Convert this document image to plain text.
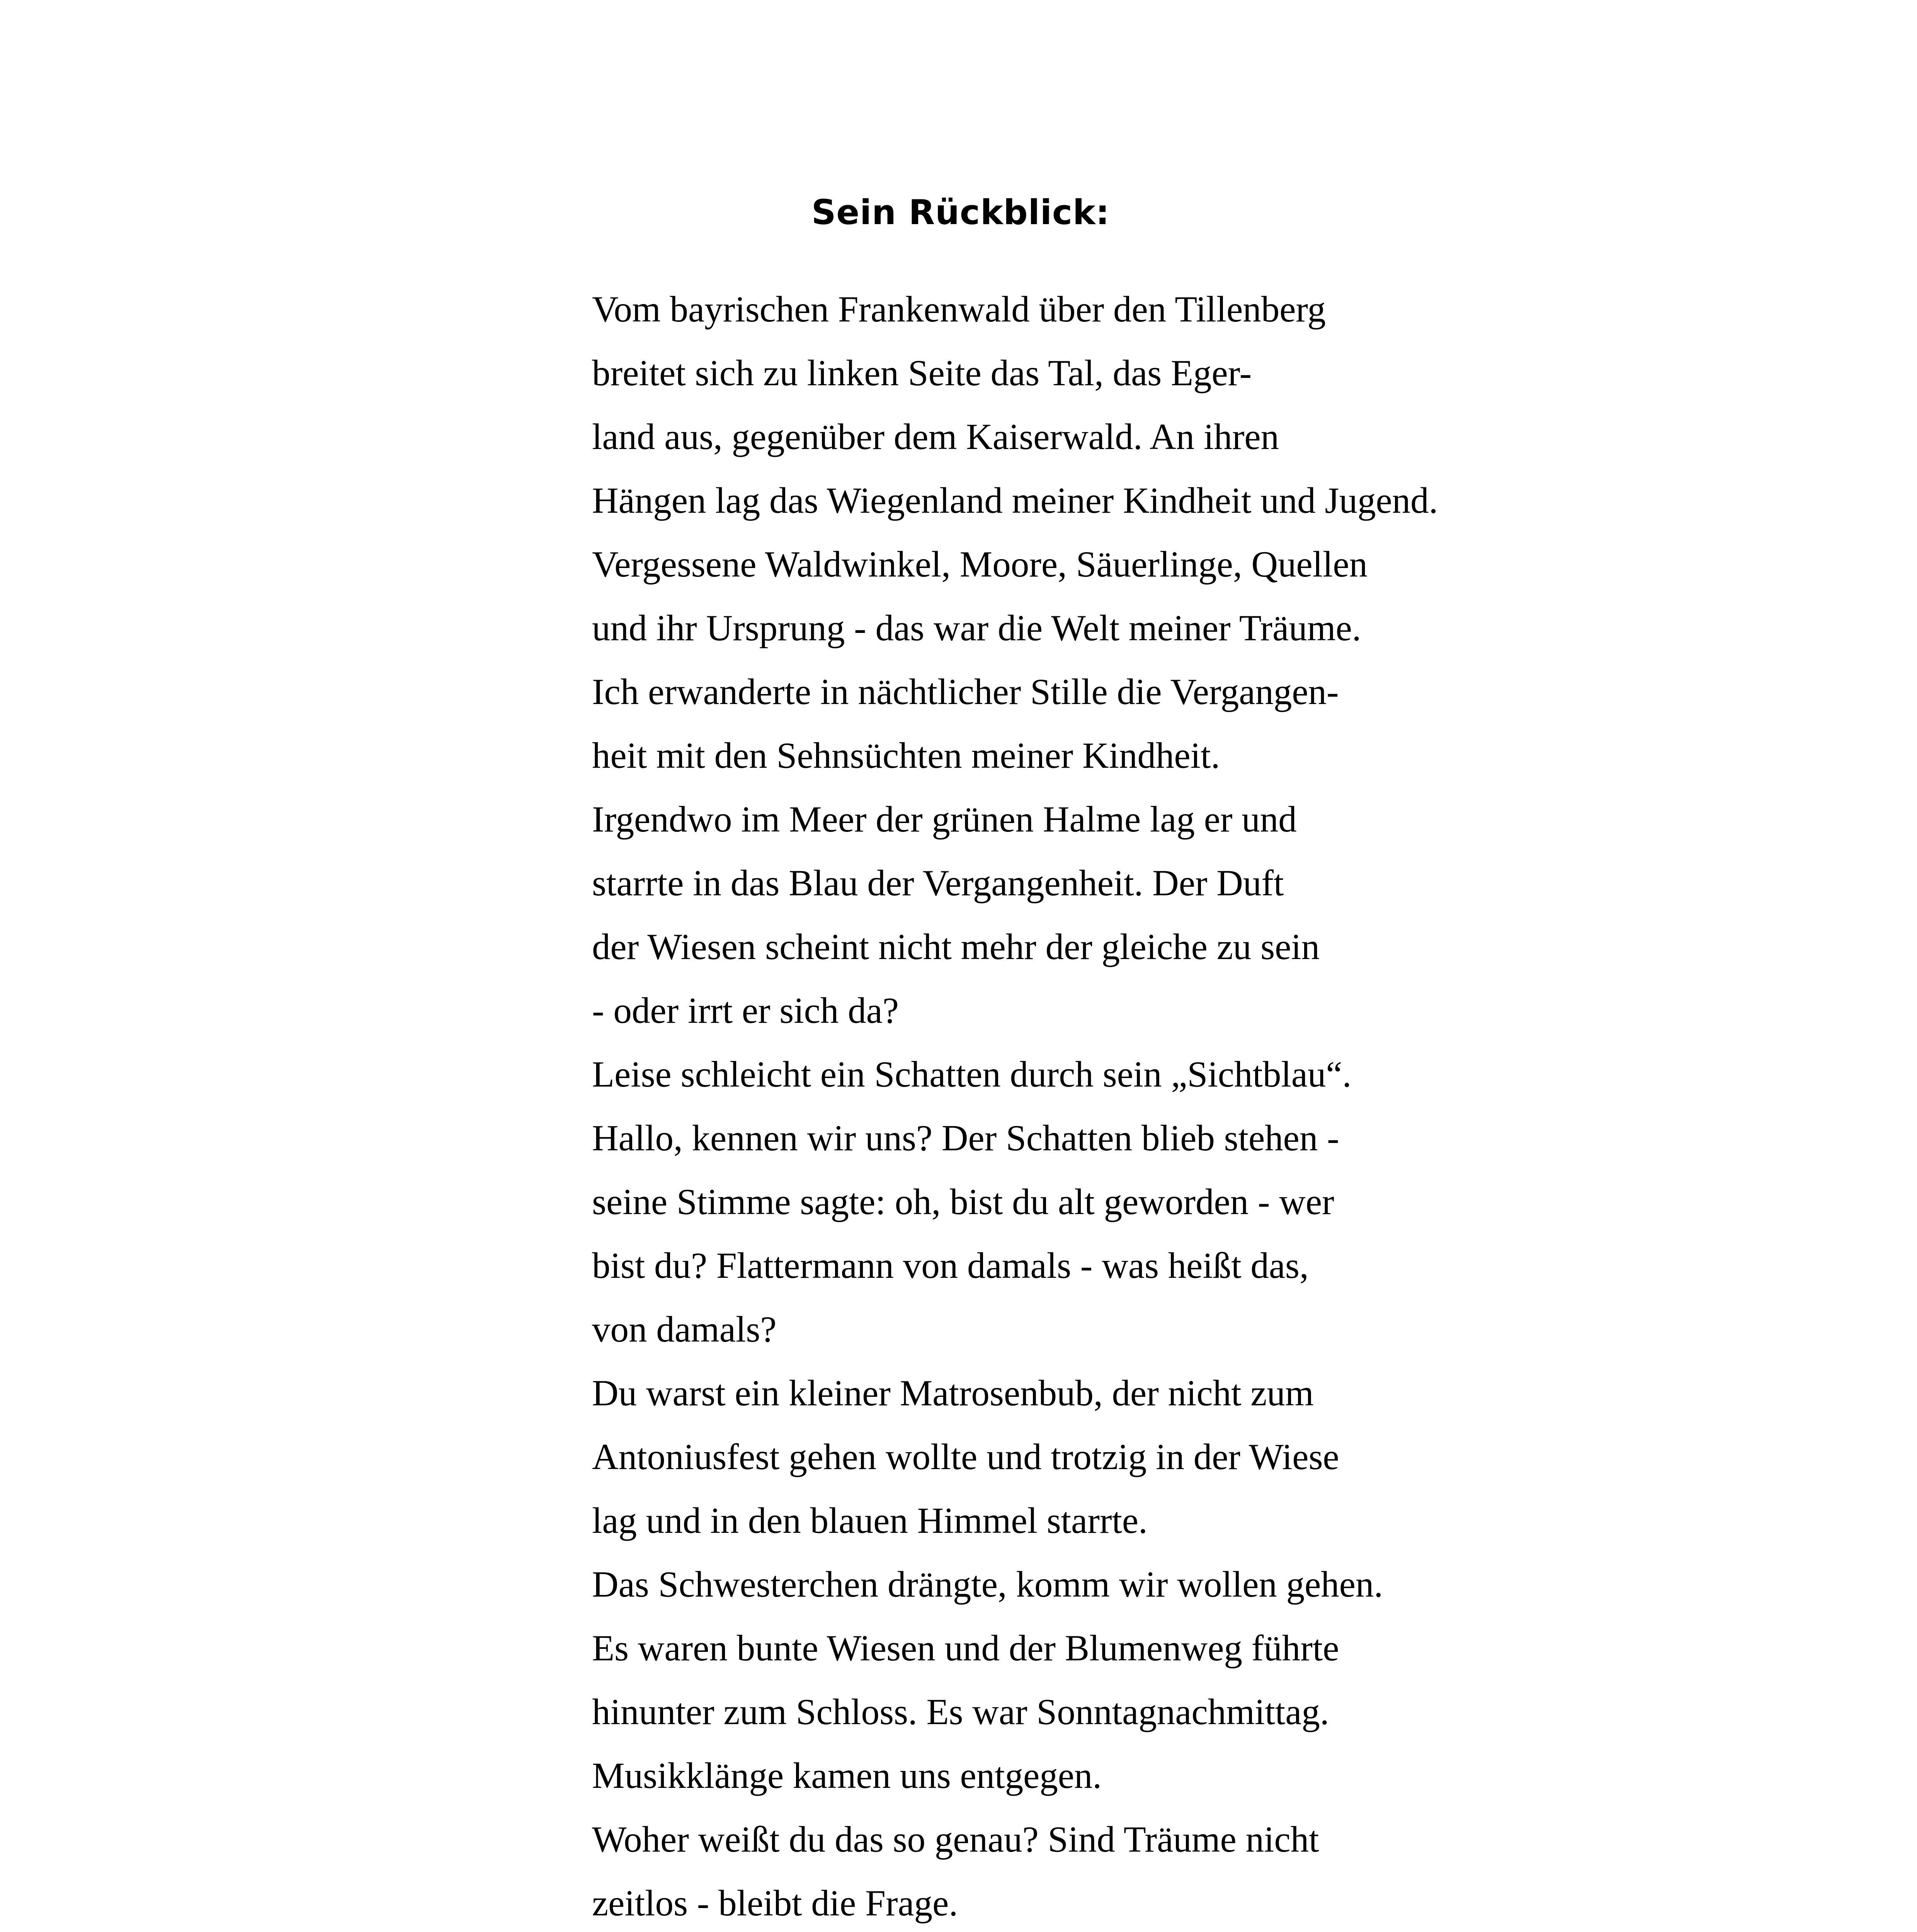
Sein Rückblick:
Vom bayrischen Frankenwald über den Tillenberg
breitet sich zu linken Seite das Tal, das Eger-
land aus, gegenüber dem Kaiserwald. An ihren
Hängen lag das Wiegenland meiner Kindheit und Jugend.
Vergessene Waldwinkel, Moore, Säuerlinge, Quellen
und ihr Ursprung - das war die Welt meiner Träume.
Ich erwanderte in nächtlicher Stille die Vergangen-
heit mit den Sehnsüchten meiner Kindheit.
Irgendwo im Meer der grünen Halme lag er und
starrte in das Blau der Vergangenheit. Der Duft
der Wiesen scheint nicht mehr der gleiche zu sein
- oder irrt er sich da?
Leise schleicht ein Schatten durch sein „Sichtblau“.
Hallo, kennen wir uns? Der Schatten blieb stehen -
seine Stimme sagte: oh, bist du alt geworden - wer
bist du? Flattermann von damals - was heißt das,
von damals?
Du warst ein kleiner Matrosenbub, der nicht zum
Antoniusfest gehen wollte und trotzig in der Wiese
lag und in den blauen Himmel starrte.
Das Schwesterchen drängte, komm wir wollen gehen.
Es waren bunte Wiesen und der Blumenweg führte
hinunter zum Schloss. Es war Sonntagnachmittag.
Musikklänge kamen uns entgegen.
Woher weißt du das so genau? Sind Träume nicht
zeitlos - bleibt die Frage.
